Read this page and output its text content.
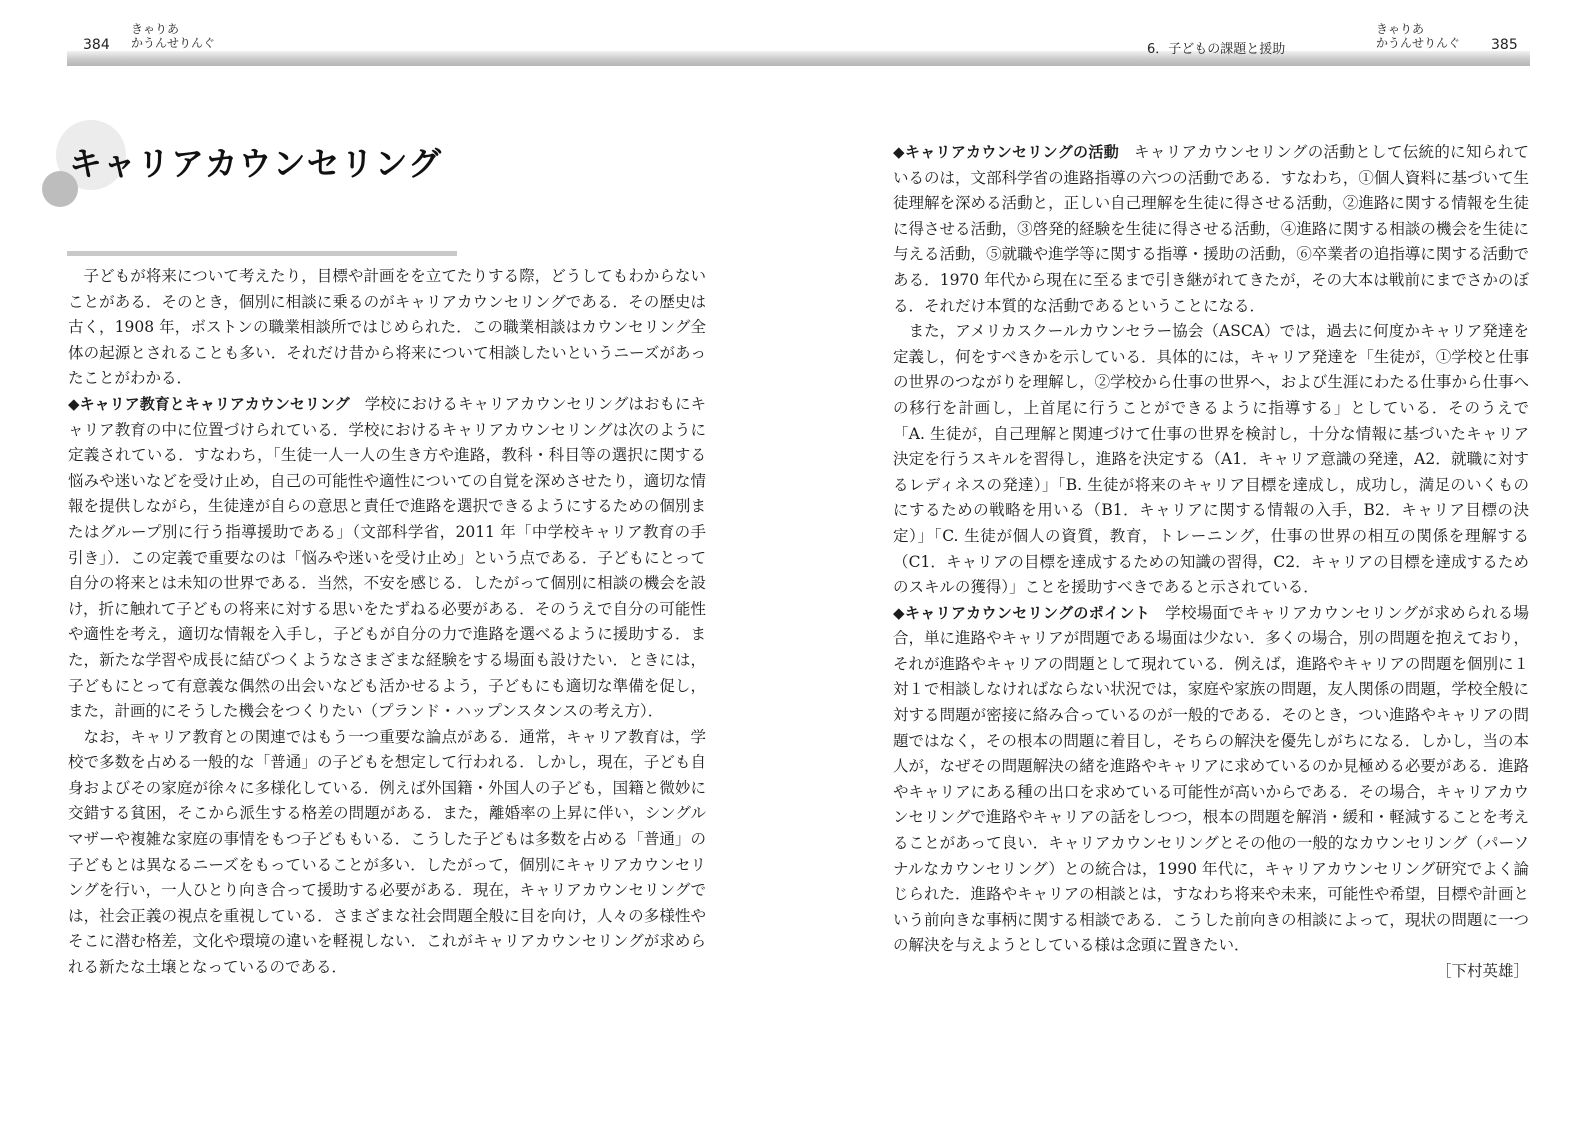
384
きゃりあ
かうんせりんぐ	6．子どもの課題と援助
きゃりあ
かうんせりんぐ 385
キャリアカウンセリング

子どもが将来について考えたり，目標や計画をを立てたりする際，どうしてもわからないことがある．そのとき，個別に相談に乗るのがキャリアカウンセリングである．その歴史は古く，1908 年，ボストンの職業相談所ではじめられた．この職業相談はカウンセリング全体の起源とされることも多い．それだけ昔から将来について相談したいというニーズがあったことがわかる．

◆キャリア教育とキャリアカウンセリング 学校におけるキャリアカウンセリングはおもにキャリア教育の中に位置づけられている．学校におけるキャリアカウンセリングは次のように定義されている．すなわち，「生徒一人一人の生き方や進路，教科・科目等の選択に関する悩みや迷いなどを受け止め，自己の可能性や適性についての自覚を深めさせたり，適切な情報を提供しながら，生徒達が自らの意思と責任で進路を選択できるようにするための個別またはグループ別に行う指導援助である」（文部科学省，2011 年「中学校キャリア教育の手引き」）．この定義で重要なのは「悩みや迷いを受け止め」という点である．子どもにとって自分の将来とは未知の世界である．当然，不安を感じる．したがって個別に相談の機会を設け，折に触れて子どもの将来に対する思いをたずねる必要がある．そのうえで自分の可能性や適性を考え，適切な情報を入手し，子どもが自分の力で進路を選べるように援助する．また，新たな学習や成長に結びつくようなさまざまな経験をする場面も設けたい．ときには，子どもにとって有意義な偶然の出会いなども活かせるよう，子どもにも適切な準備を促し，また，計画的にそうした機会をつくりたい（プランド・ハップンスタンスの考え方）．

なお，キャリア教育との関連ではもう一つ重要な論点がある．通常，キャリア教育は，学校で多数を占める一般的な「普通」の子どもを想定して行われる．しかし，現在，子ども自身およびその家庭が徐々に多様化している．例えば外国籍・外国人の子ども，国籍と微妙に交錯する貧困，そこから派生する格差の問題がある．また，離婚率の上昇に伴い，シングルマザーや複雑な家庭の事情をもつ子どももいる．こうした子どもは多数を占める「普通」の子どもとは異なるニーズをもっていることが多い．したがって，個別にキャリアカウンセリングを行い，一人ひとり向き合って援助する必要がある．現在，キャリアカウンセリングでは，社会正義の視点を重視している．さまざまな社会問題全般に目を向け，人々の多様性やそこに潜む格差，文化や環境の違いを軽視しない．これがキャリアカウンセリングが求められる新たな土壌となっているのである．

◆キャリアカウンセリングの活動 キャリアカウンセリングの活動として伝統的に知られているのは，文部科学省の進路指導の六つの活動である．すなわち，①個人資料に基づいて生徒理解を深める活動と，正しい自己理解を生徒に得させる活動，②進路に関する情報を生徒に得させる活動，③啓発的経験を生徒に得させる活動，④進路に関する相談の機会を生徒に与える活動，⑤就職や進学等に関する指導・援助の活動，⑥卒業者の追指導に関する活動である．1970 年代から現在に至るまで引き継がれてきたが，その大本は戦前にまでさかのぼる．それだけ本質的な活動であるということになる．

また，アメリカスクールカウンセラー協会（ASCA）では，過去に何度かキャリア発達を定義し，何をすべきかを示している．具体的には，キャリア発達を「生徒が，①学校と仕事の世界のつながりを理解し，②学校から仕事の世界へ，および生涯にわたる仕事から仕事への移行を計画し，上首尾に行うことができるように指導する」としている．そのうえで「A. 生徒が，自己理解と関連づけて仕事の世界を検討し，十分な情報に基づいたキャリア決定を行うスキルを習得し，進路を決定する（A1．キャリア意識の発達，A2．就職に対するレディネスの発達）」「B. 生徒が将来のキャリア目標を達成し，成功し，満足のいくものにするための戦略を用いる（B1．キャリアに関する情報の入手，B2．キャリア目標の決定）」「C. 生徒が個人の資質，教育，トレーニング，仕事の世界の相互の関係を理解する（C1．キャリアの目標を達成するための知識の習得，C2．キャリアの目標を達成するためのスキルの獲得）」ことを援助すべきであると示されている．

◆キャリアカウンセリングのポイント 学校場面でキャリアカウンセリングが求められる場合，単に進路やキャリアが問題である場面は少ない．多くの場合，別の問題を抱えており，それが進路やキャリアの問題として現れている．例えば，進路やキャリアの問題を個別に１対１で相談しなければならない状況では，家庭や家族の問題，友人関係の問題，学校全般に対する問題が密接に絡み合っているのが一般的である．そのとき，つい進路やキャリアの問題ではなく，その根本の問題に着目し，そちらの解決を優先しがちになる．しかし，当の本人が，なぜその問題解決の緒を進路やキャリアに求めているのか見極める必要がある．進路やキャリアにある種の出口を求めている可能性が高いからである．その場合，キャリアカウンセリングで進路やキャリアの話をしつつ，根本の問題を解消・緩和・軽減することを考えることがあって良い．キャリアカウンセリングとその他の一般的なカウンセリング（パーソナルなカウンセリング）との統合は，1990 年代に，キャリアカウンセリング研究でよく論じられた．進路やキャリアの相談とは，すなわち将来や未来，可能性や希望，目標や計画という前向きな事柄に関する相談である．こうした前向きの相談によって，現状の問題に一つの解決を与えようとしている様は念頭に置きたい．

［下村英雄］
